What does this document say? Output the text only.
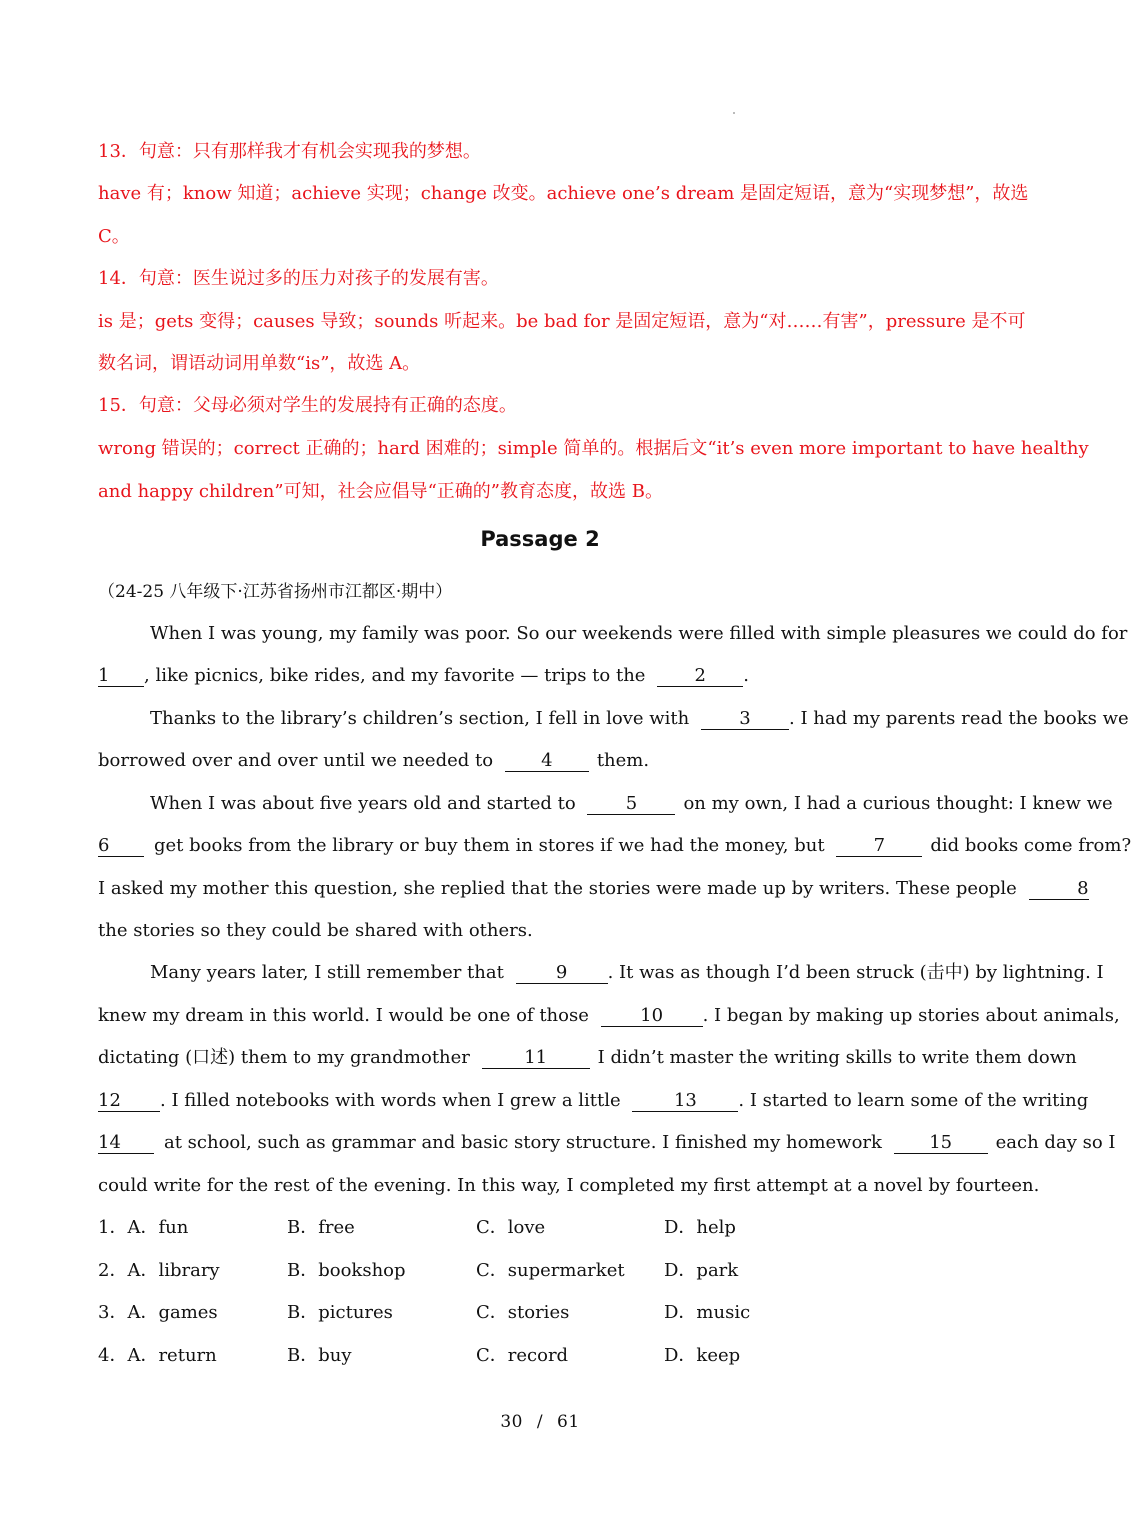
13．句意：只有那样我才有机会实现我的梦想。
have 有；know 知道；achieve 实现；change 改变。achieve one’s dream 是固定短语，意为“实现梦想”，故选
C。
14．句意：医生说过多的压力对孩子的发展有害。
is 是；gets 变得；causes 导致；sounds 听起来。be bad for 是固定短语，意为“对……有害”，pressure 是不可
数名词，谓语动词用单数“is”，故选 A。
15．句意：父母必须对学生的发展持有正确的态度。
wrong 错误的；correct 正确的；hard 困难的；simple 简单的。根据后文“it’s even more important to have healthy
and happy children”可知，社会应倡导“正确的”教育态度，故选 B。
Passage 2
（24-25 八年级下·江苏省扬州市江都区·期中）
When I was young, my family was poor. So our weekends were filled with simple pleasures we could do for
1 , like picnics, bike rides, and my favorite — trips to the	2 .
Thanks to the library’s children’s section, I fell in love with	3 . I had my parents read the books we
borrowed over and over until we needed to	4 them.
When I was about five years old and started to	5	on my own, I had a curious thought: I knew we
6 get books from the library or buy them in stores if we had the money, but	7	did books come from?
I asked my mother this question, she replied that the stories were made up by writers. These people	8
the stories so they could be shared with others.
Many years later, I still remember that	9 . It was as though I’d been struck (击中) by lightning. I
knew my dream in this world. I would be one of those	10 . I began by making up stories about animals,
dictating (口述) them to my grandmother	11	I didn’t master the writing skills to write them down
12 . I filled notebooks with words when I grew a little	13 . I started to learn some of the writing
14 at school, such as grammar and basic story structure. I finished my homework	15 each day so I
could write for the rest of the evening. In this way, I completed my first attempt at a novel by fourteen.
1．A．fun	B．free	C．love	D．help
2．A．library	B．bookshop	C．supermarket D．park
3．A．games	B．pictures	C．stories	D．music
4．A．return	B．buy	C．record	D．keep
30 / 61
